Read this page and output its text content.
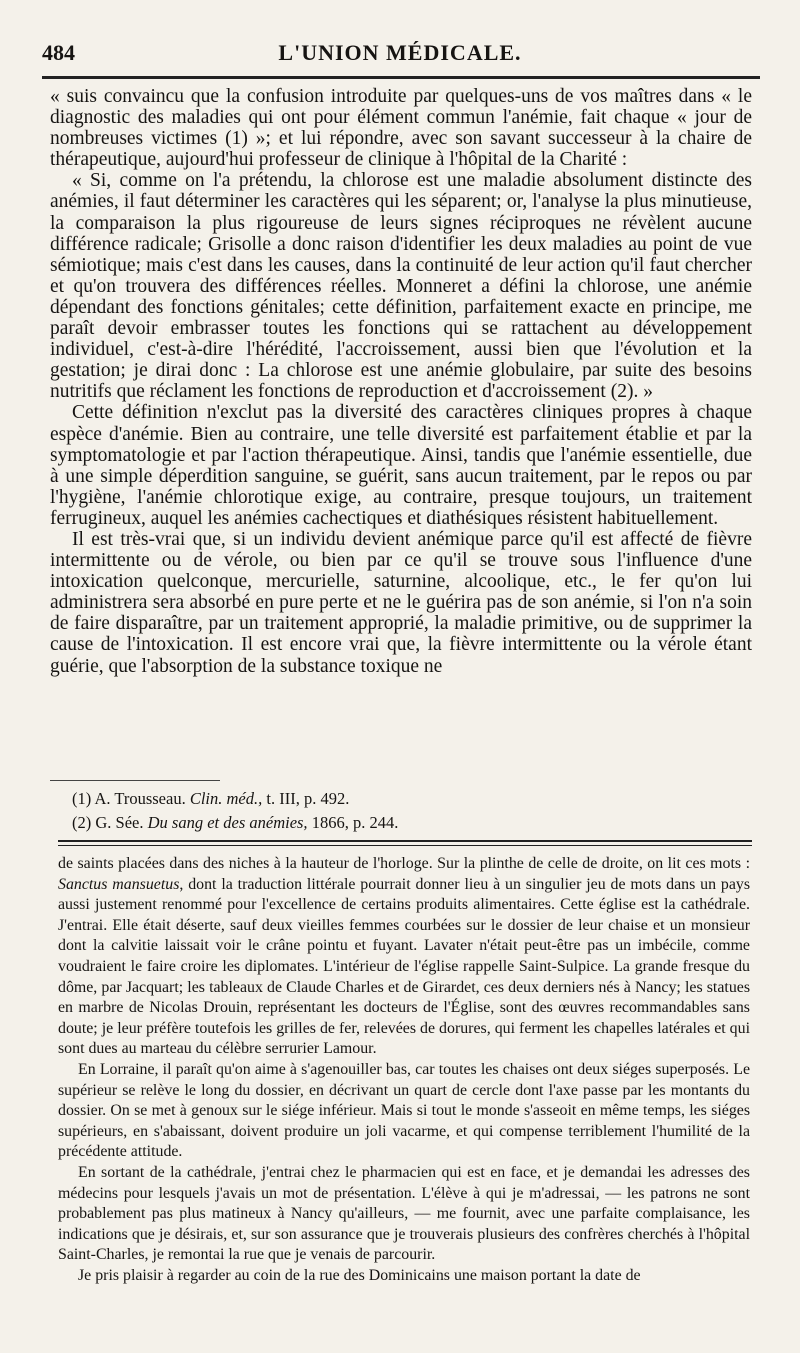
484	L'UNION MÉDICALE.

« suis convaincu que la confusion introduite par quelques-uns de vos maîtres dans « le diagnostic des maladies qui ont pour élément commun l'anémie, fait chaque « jour de nombreuses victimes (1) »; et lui répondre, avec son savant successeur à la chaire de thérapeutique, aujourd'hui professeur de clinique à l'hôpital de la Charité :

« Si, comme on l'a prétendu, la chlorose est une maladie absolument distincte des anémies, il faut déterminer les caractères qui les séparent; or, l'analyse la plus minutieuse, la comparaison la plus rigoureuse de leurs signes réciproques ne révèlent aucune différence radicale; Grisolle a donc raison d'identifier les deux maladies au point de vue sémiotique; mais c'est dans les causes, dans la continuité de leur action qu'il faut chercher et qu'on trouvera des différences réelles. Monneret a défini la chlorose, une anémie dépendant des fonctions génitales; cette définition, parfaitement exacte en principe, me paraît devoir embrasser toutes les fonctions qui se rattachent au développement individuel, c'est-à-dire l'hérédité, l'accroissement, aussi bien que l'évolution et la gestation; je dirai donc : La chlorose est une anémie globulaire, par suite des besoins nutritifs que réclament les fonctions de reproduction et d'accroissement (2). »

Cette définition n'exclut pas la diversité des caractères cliniques propres à chaque espèce d'anémie. Bien au contraire, une telle diversité est parfaitement établie et par la symptomatologie et par l'action thérapeutique. Ainsi, tandis que l'anémie essentielle, due à une simple déperdition sanguine, se guérit, sans aucun traitement, par le repos ou par l'hygiène, l'anémie chlorotique exige, au contraire, presque toujours, un traitement ferrugineux, auquel les anémies cachectiques et diathésiques résistent habituellement.

Il est très-vrai que, si un individu devient anémique parce qu'il est affecté de fièvre intermittente ou de vérole, ou bien par ce qu'il se trouve sous l'influence d'une intoxication quelconque, mercurielle, saturnine, alcoolique, etc., le fer qu'on lui administrera sera absorbé en pure perte et ne le guérira pas de son anémie, si l'on n'a soin de faire disparaître, par un traitement approprié, la maladie primitive, ou de supprimer la cause de l'intoxication. Il est encore vrai que, la fièvre intermittente ou la vérole étant guérie, que l'absorption de la substance toxique ne

(1) A. Trousseau. Clin. méd., t. III, p. 492.
(2) G. Sée. Du sang et des anémies, 1866, p. 244.

de saints placées dans des niches à la hauteur de l'horloge. Sur la plinthe de celle de droite, on lit ces mots : Sanctus mansuetus, dont la traduction littérale pourrait donner lieu à un singulier jeu de mots dans un pays aussi justement renommé pour l'excellence de certains produits alimentaires. Cette église est la cathédrale. J'entrai. Elle était déserte, sauf deux vieilles femmes courbées sur le dossier de leur chaise et un monsieur dont la calvitie laissait voir le crâne pointu et fuyant. Lavater n'était peut-être pas un imbécile, comme voudraient le faire croire les diplomates. L'intérieur de l'église rappelle Saint-Sulpice. La grande fresque du dôme, par Jacquart; les tableaux de Claude Charles et de Girardet, ces deux derniers nés à Nancy; les statues en marbre de Nicolas Drouin, représentant les docteurs de l'Église, sont des œuvres recommandables sans doute; je leur préfère toutefois les grilles de fer, relevées de dorures, qui ferment les chapelles latérales et qui sont dues au marteau du célèbre serrurier Lamour.

En Lorraine, il paraît qu'on aime à s'agenouiller bas, car toutes les chaises ont deux siéges superposés. Le supérieur se relève le long du dossier, en décrivant un quart de cercle dont l'axe passe par les montants du dossier. On se met à genoux sur le siége inférieur. Mais si tout le monde s'asseoit en même temps, les siéges supérieurs, en s'abaissant, doivent produire un joli vacarme, et qui compense terriblement l'humilité de la précédente attitude.

En sortant de la cathédrale, j'entrai chez le pharmacien qui est en face, et je demandai les adresses des médecins pour lesquels j'avais un mot de présentation. L'élève à qui je m'adressai, — les patrons ne sont probablement pas plus matineux à Nancy qu'ailleurs, — me fournit, avec une parfaite complaisance, les indications que je désirais, et, sur son assurance que je trouverais plusieurs des confrères cherchés à l'hôpital Saint-Charles, je remontai la rue que je venais de parcourir.

Je pris plaisir à regarder au coin de la rue des Dominicains une maison portant la date de
